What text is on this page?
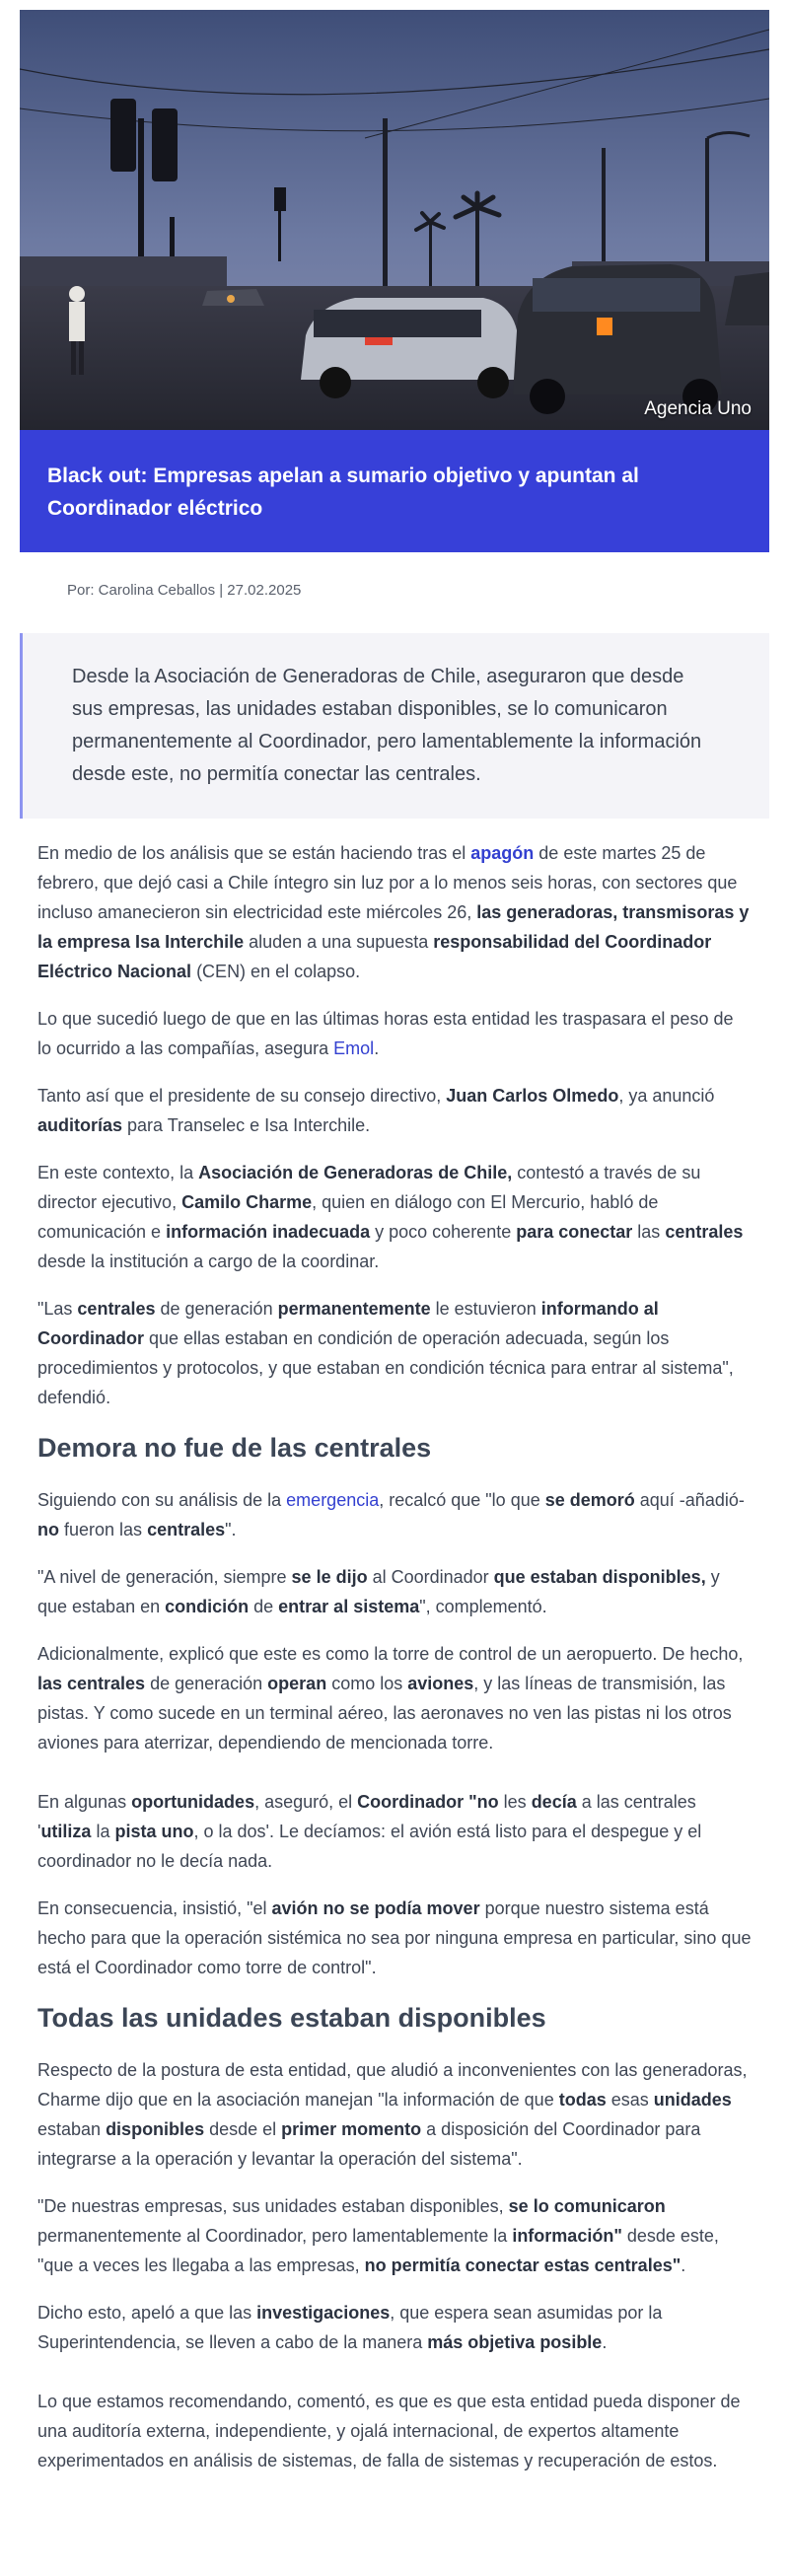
Agencia Uno
Black out: Empresas apelan a sumario objetivo y apuntan al Coordinador eléctrico
Por: Carolina Ceballos | 27.02.2025

Desde la Asociación de Generadoras de Chile, aseguraron que desde sus empresas, las unidades estaban disponibles, se lo comunicaron permanentemente al Coordinador, pero lamentablemente la información desde este, no permitía conectar las centrales.

En medio de los análisis que se están haciendo tras el apagón de este martes 25 de febrero, que dejó casi a Chile íntegro sin luz por a lo menos seis horas, con sectores que incluso amanecieron sin electricidad este miércoles 26, las generadoras, transmisoras y la empresa Isa Interchile aluden a una supuesta responsabilidad del Coordinador Eléctrico Nacional (CEN) en el colapso.

Lo que sucedió luego de que en las últimas horas esta entidad les traspasara el peso de lo ocurrido a las compañías, asegura Emol.

Tanto así que el presidente de su consejo directivo, Juan Carlos Olmedo, ya anunció auditorías para Transelec e Isa Interchile.

En este contexto, la Asociación de Generadoras de Chile, contestó a través de su director ejecutivo, Camilo Charme, quien en diálogo con El Mercurio, habló de comunicación e información inadecuada y poco coherente para conectar las centrales desde la institución a cargo de la coordinar.

"Las centrales de generación permanentemente le estuvieron informando al Coordinador que ellas estaban en condición de operación adecuada, según los procedimientos y protocolos, y que estaban en condición técnica para entrar al sistema", defendió.

Demora no fue de las centrales

Siguiendo con su análisis de la emergencia, recalcó que "lo que se demoró aquí -añadió- no fueron las centrales".

"A nivel de generación, siempre se le dijo al Coordinador que estaban disponibles, y que estaban en condición de entrar al sistema", complementó.

Adicionalmente, explicó que este es como la torre de control de un aeropuerto. De hecho, las centrales de generación operan como los aviones, y las líneas de transmisión, las pistas. Y como sucede en un terminal aéreo, las aeronaves no ven las pistas ni los otros aviones para aterrizar, dependiendo de mencionada torre.

En algunas oportunidades, aseguró, el Coordinador "no les decía a las centrales 'utiliza la pista uno, o la dos'. Le decíamos: el avión está listo para el despegue y el coordinador no le decía nada.

En consecuencia, insistió, "el avión no se podía mover porque nuestro sistema está hecho para que la operación sistémica no sea por ninguna empresa en particular, sino que está el Coordinador como torre de control".

Todas las unidades estaban disponibles

Respecto de la postura de esta entidad, que aludió a inconvenientes con las generadoras, Charme dijo que en la asociación manejan "la información de que todas esas unidades estaban disponibles desde el primer momento a disposición del Coordinador para integrarse a la operación y levantar la operación del sistema".

"De nuestras empresas, sus unidades estaban disponibles, se lo comunicaron permanentemente al Coordinador, pero lamentablemente la información" desde este, "que a veces les llegaba a las empresas, no permitía conectar estas centrales".

Dicho esto, apeló a que las investigaciones, que espera sean asumidas por la Superintendencia, se lleven a cabo de la manera más objetiva posible.

Lo que estamos recomendando, comentó, es que es que esta entidad pueda disponer de una auditoría externa, independiente, y ojalá internacional, de expertos altamente experimentados en análisis de sistemas, de falla de sistemas y recuperación de estos.
